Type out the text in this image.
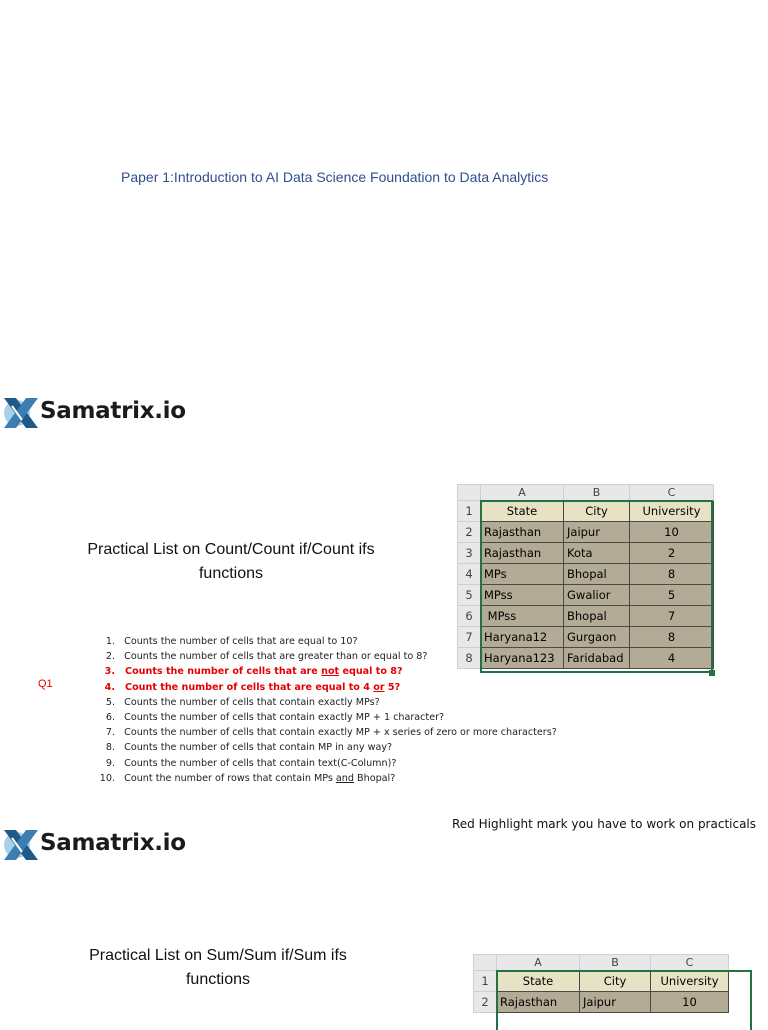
Paper 1:Introduction to AI Data Science Foundation to Data Analytics
Samatrix.io
Practical List on Count/Count if/Count ifs
functions
	A	B	C
1	State	City	University
2	Rajasthan	Jaipur	10
3	Rajasthan	Kota	2
4	MPs	Bhopal	8
5	MPss	Gwalior	5
6	MPss	Bhopal	7
7	Haryana12	Gurgaon	8
8	Haryana123	Faridabad	4
Q1
1. Counts the number of cells that are equal to 10?
2. Counts the number of cells that are greater than or equal to 8?
3. Counts the number of cells that are not equal to 8?
4. Count the number of cells that are equal to 4 or 5?
5. Counts the number of cells that contain exactly MPs?
6. Counts the number of cells that contain exactly MP + 1 character?
7. Counts the number of cells that contain exactly MP + x series of zero or more characters?
8. Counts the number of cells that contain MP in any way?
9. Counts the number of cells that contain text(C-Column)?
10. Count the number of rows that contain MPs and Bhopal?
Red Highlight mark you have to work on practicals
Samatrix.io
Practical List on Sum/Sum if/Sum ifs
functions
	A	B	C
1	State	City	University
2	Rajasthan	Jaipur	10
